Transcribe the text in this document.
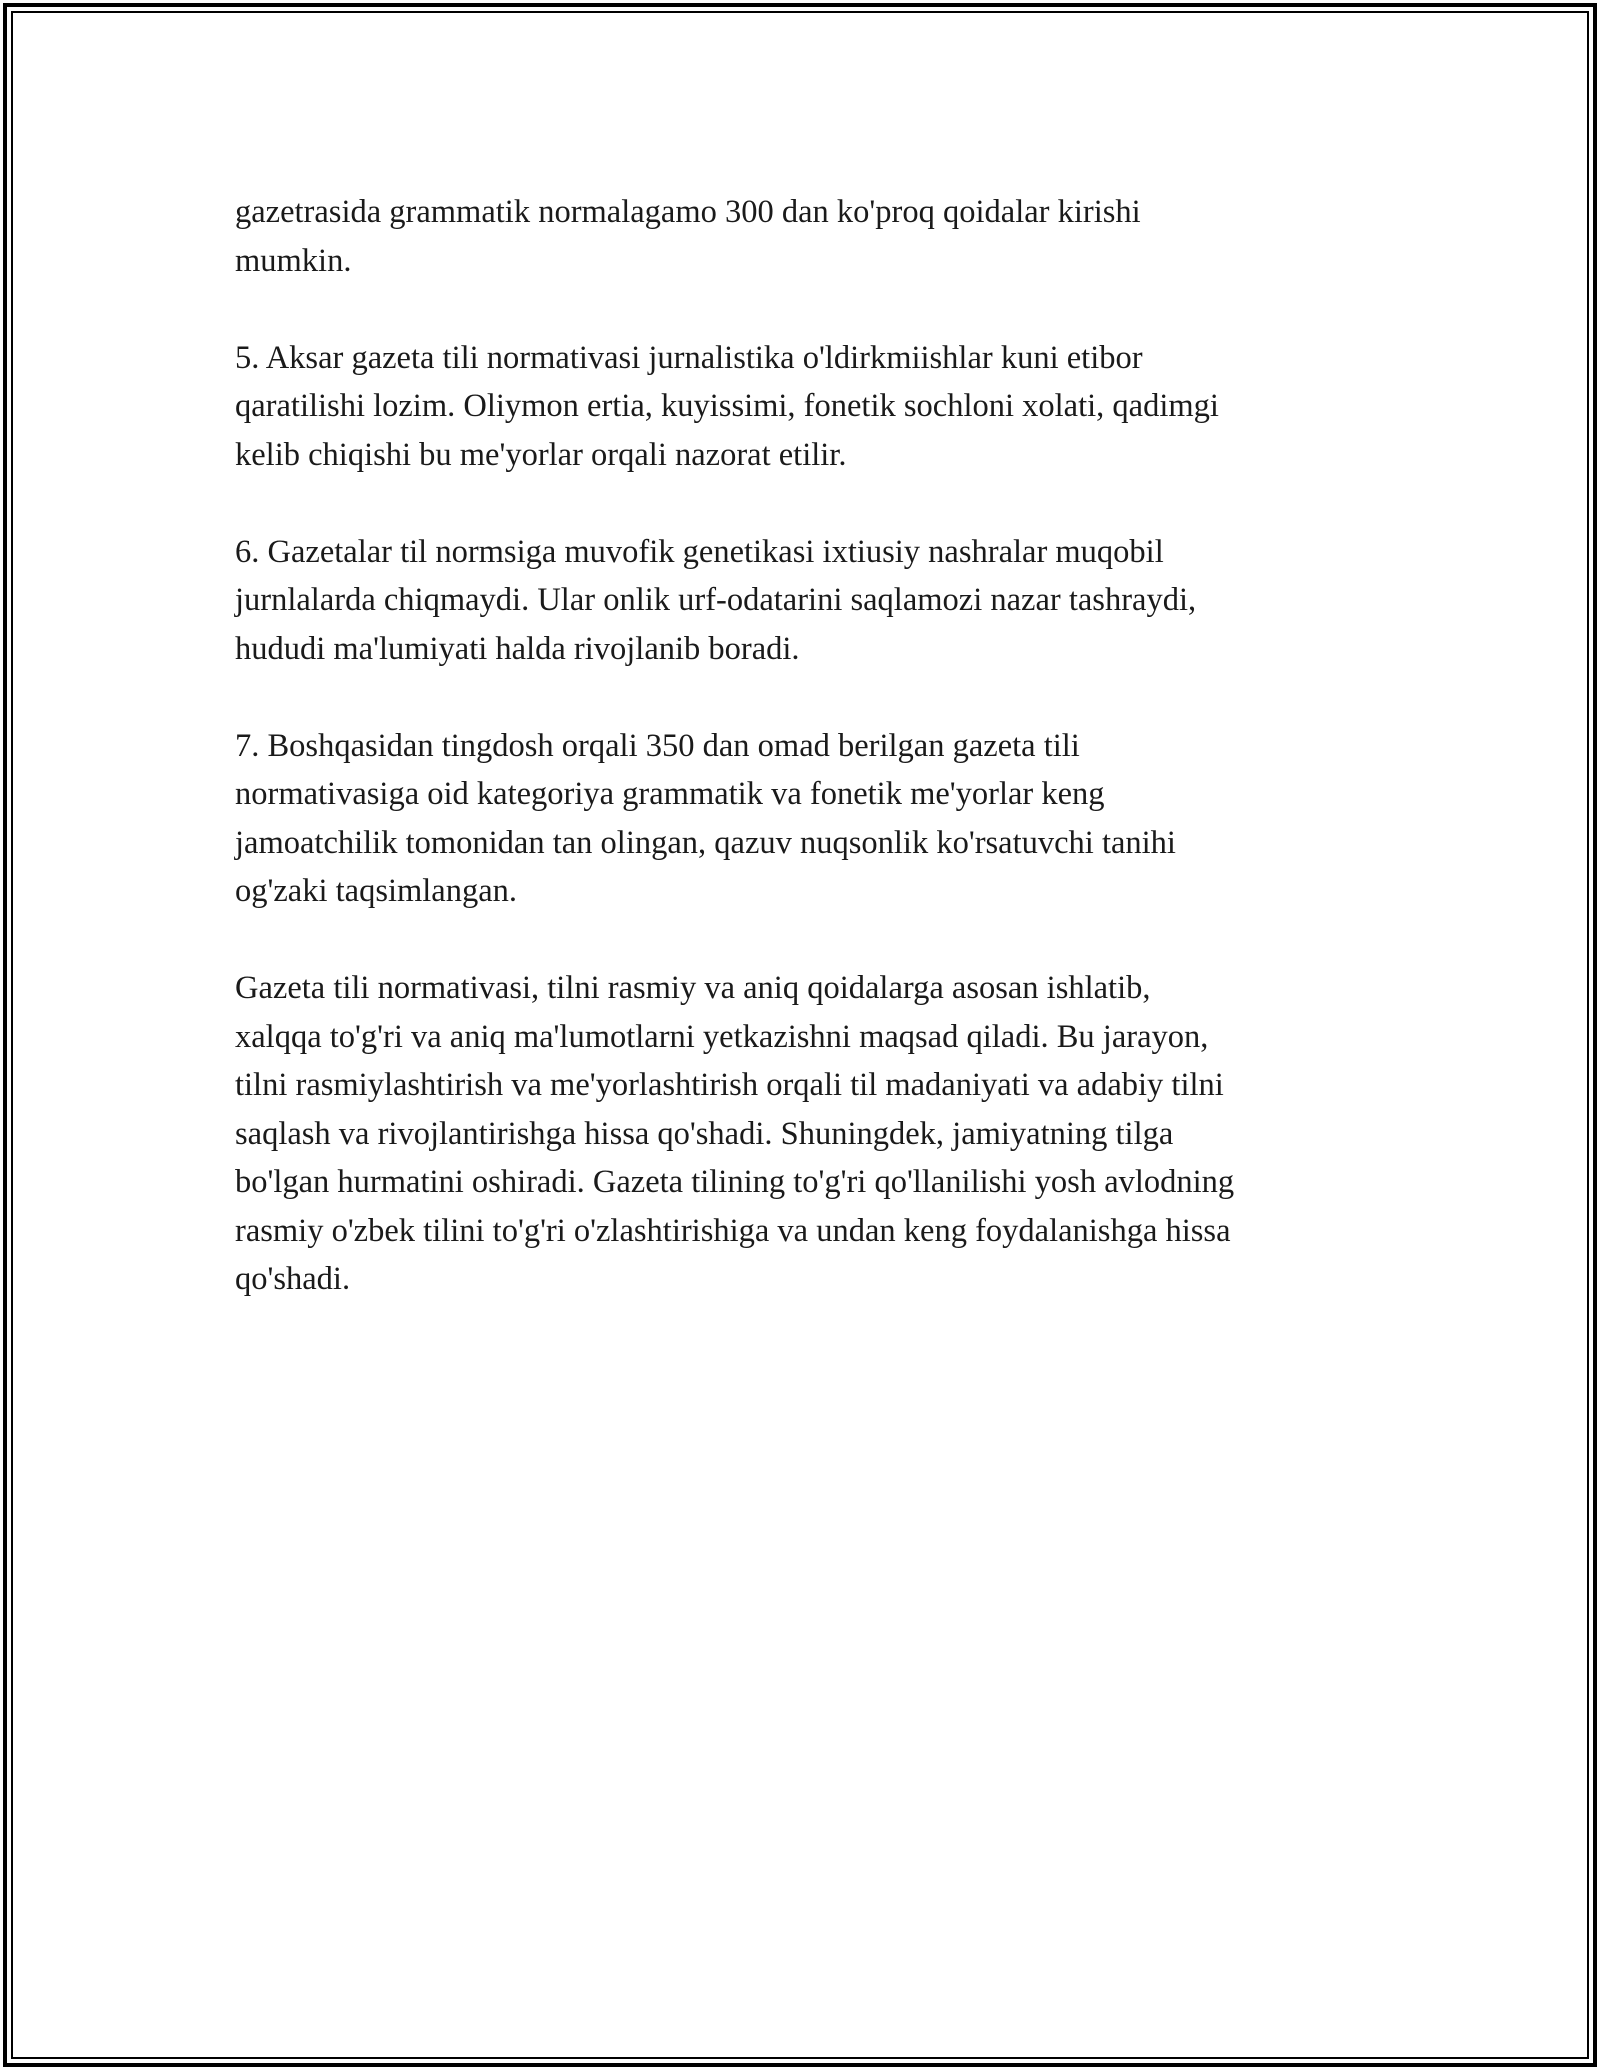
gazetrasida grammatik normalagamo 300 dan ko'proq qoidalar kirishi
mumkin.

5. Aksar gazeta tili normativasi jurnalistika o'ldirkmiishlar kuni etibor
qaratilishi lozim. Oliymon ertia, kuyissimi, fonetik sochloni xolati, qadimgi
kelib chiqishi bu me'yorlar orqali nazorat etilir.

6. Gazetalar til normsiga muvofik genetikasi ixtiusiy nashralar muqobil
jurnlalarda chiqmaydi. Ular onlik urf-odatarini saqlamozi nazar tashraydi,
hududi ma'lumiyati halda rivojlanib boradi.

7. Boshqasidan tingdosh orqali 350 dan omad berilgan gazeta tili
normativasiga oid kategoriya grammatik va fonetik me'yorlar keng
jamoatchilik tomonidan tan olingan, qazuv nuqsonlik ko'rsatuvchi tanihi
og'zaki taqsimlangan.

Gazeta tili normativasi, tilni rasmiy va aniq qoidalarga asosan ishlatib,
xalqqa to'g'ri va aniq ma'lumotlarni yetkazishni maqsad qiladi. Bu jarayon,
tilni rasmiylashtirish va me'yorlashtirish orqali til madaniyati va adabiy tilni
saqlash va rivojlantirishga hissa qo'shadi. Shuningdek, jamiyatning tilga
bo'lgan hurmatini oshiradi. Gazeta tilining to'g'ri qo'llanilishi yosh avlodning
rasmiy o'zbek tilini to'g'ri o'zlashtirishiga va undan keng foydalanishga hissa
qo'shadi.
